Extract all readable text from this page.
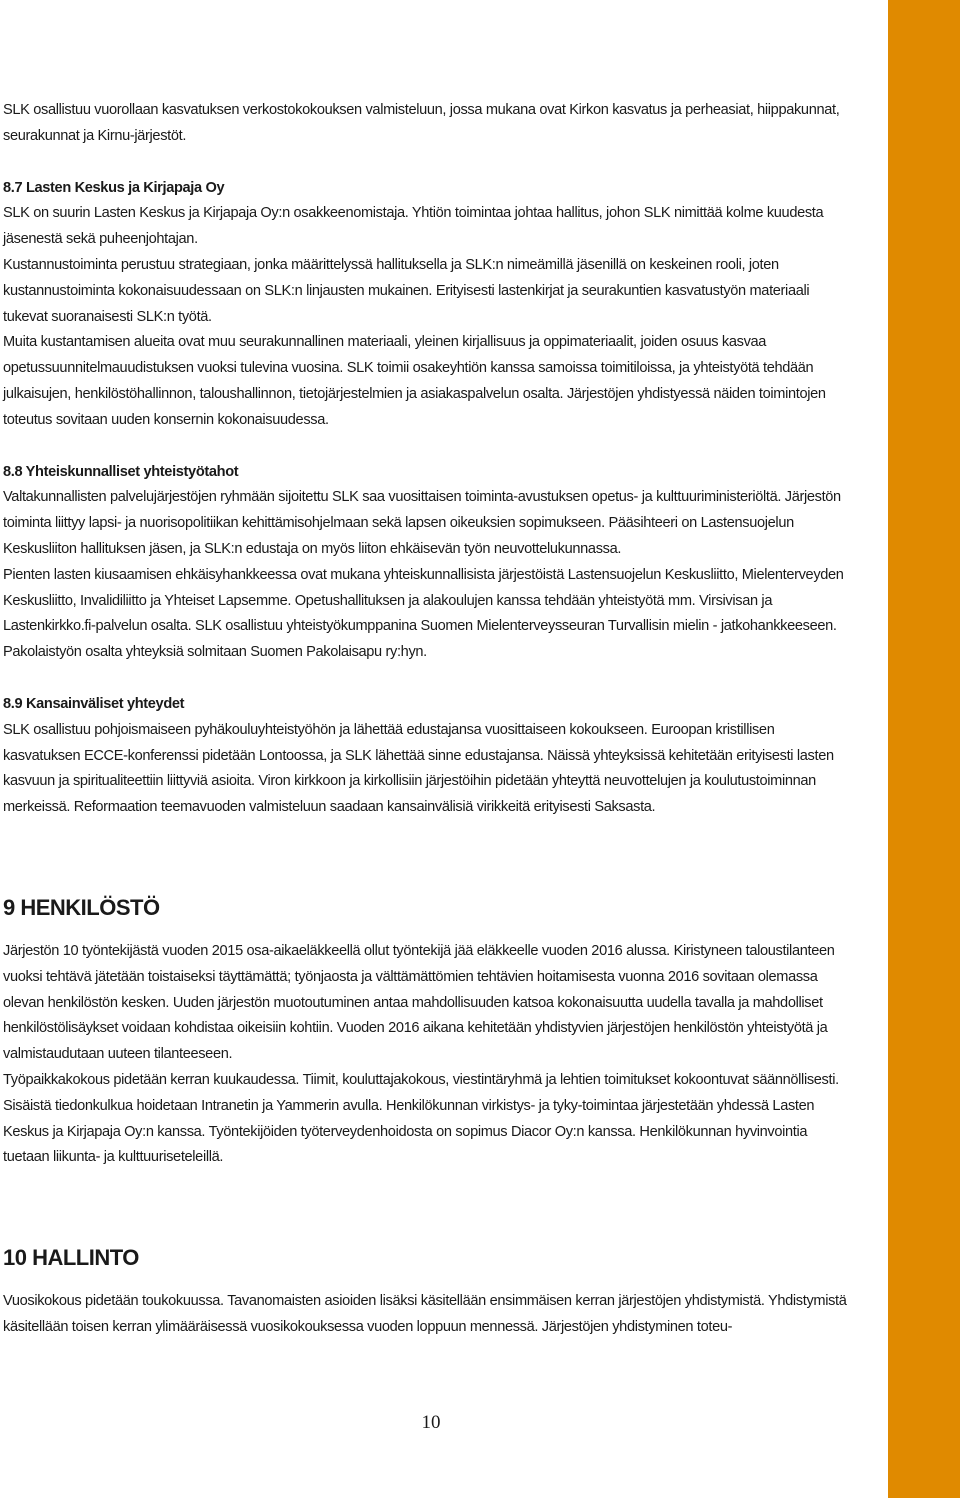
SLK osallistuu vuorollaan kasvatuksen verkostokokouksen valmisteluun, jossa mukana ovat Kirkon kasvatus ja perheasiat, hiippakunnat, seurakunnat ja Kirnu-järjestöt.

8.7 Lasten Keskus ja Kirjapaja Oy

SLK on suurin Lasten Keskus ja Kirjapaja Oy:n osakkeenomistaja. Yhtiön toimintaa johtaa hallitus, johon SLK nimittää kolme kuudesta jäsenestä sekä puheenjohtajan.

Kustannustoiminta perustuu strategiaan, jonka määrittelyssä hallituksella ja SLK:n nimeämillä jäsenillä on keskeinen rooli, joten kustannustoiminta kokonaisuudessaan on SLK:n linjausten mukainen. Erityisesti lastenkirjat ja seurakuntien kasvatustyön materiaali tukevat suoranaisesti SLK:n työtä.

Muita kustantamisen alueita ovat muu seurakunnallinen materiaali, yleinen kirjallisuus ja oppimateriaalit, joiden osuus kasvaa opetussuunnitelmauudistuksen vuoksi tulevina vuosina. SLK toimii osakeyhtiön kanssa samoissa toimitiloissa, ja yhteistyötä tehdään julkaisujen, henkilöstöhallinnon, taloushallinnon, tietojärjestelmien ja asiakaspalvelun osalta. Järjestöjen yhdistyessä näiden toimintojen toteutus sovitaan uuden konsernin kokonaisuudessa.

8.8 Yhteiskunnalliset yhteistyötahot

Valtakunnallisten palvelujärjestöjen ryhmään sijoitettu SLK saa vuosittaisen toiminta-avustuksen opetus- ja kulttuuriministeriöltä. Järjestön toiminta liittyy lapsi- ja nuorisopolitiikan kehittämisohjelmaan sekä lapsen oikeuksien sopimukseen. Pääsihteeri on Lastensuojelun Keskusliiton hallituksen jäsen, ja SLK:n edustaja on myös liiton ehkäisevän työn neuvottelukunnassa.

Pienten lasten kiusaamisen ehkäisyhankkeessa ovat mukana yhteiskunnallisista järjestöistä Lastensuojelun Keskusliitto, Mielenterveyden Keskusliitto, Invalidiliitto ja Yhteiset Lapsemme. Opetushallituksen ja alakoulujen kanssa tehdään yhteistyötä mm. Virsivisan ja Lastenkirkko.fi-palvelun osalta. SLK osallistuu yhteistyökumppanina Suomen Mielenterveysseuran Turvallisin mielin - jatkohankkeeseen. Pakolaistyön osalta yhteyksiä solmitaan Suomen Pakolaisapu ry:hyn.

8.9 Kansainväliset yhteydet

SLK osallistuu pohjoismaiseen pyhäkouluyhteistyöhön ja lähettää edustajansa vuosittaiseen kokoukseen. Euroopan kristillisen kasvatuksen ECCE-konferenssi pidetään Lontoossa, ja SLK lähettää sinne edustajansa. Näissä yhteyksissä kehitetään erityisesti lasten kasvuun ja spiritualiteettiin liittyviä asioita. Viron kirkkoon ja kirkollisiin järjestöihin pidetään yhteyttä neuvottelujen ja koulutustoiminnan merkeissä. Reformaation teemavuoden valmisteluun saadaan kansainvälisiä virikkeitä erityisesti Saksasta.

9 HENKILÖSTÖ

Järjestön 10 työntekijästä vuoden 2015 osa-aikaeläkkeellä ollut työntekijä jää eläkkeelle vuoden 2016 alussa. Kiristyneen taloustilanteen vuoksi tehtävä jätetään toistaiseksi täyttämättä; työnjaosta ja välttämättömien tehtävien hoitamisesta vuonna 2016 sovitaan olemassa olevan henkilöstön kesken. Uuden järjestön muotoutuminen antaa mahdollisuuden katsoa kokonaisuutta uudella tavalla ja mahdolliset henkilöstölisäykset voidaan kohdistaa oikeisiin kohtiin. Vuoden 2016 aikana kehitetään yhdistyvien järjestöjen henkilöstön yhteistyötä ja valmistaudutaan uuteen tilanteeseen.

Työpaikkakokous pidetään kerran kuukaudessa. Tiimit, kouluttajakokous, viestintäryhmä ja lehtien toimitukset kokoontuvat säännöllisesti. Sisäistä tiedonkulkua hoidetaan Intranetin ja Yammerin avulla. Henkilökunnan virkistys- ja tyky-toimintaa järjestetään yhdessä Lasten Keskus ja Kirjapaja Oy:n kanssa. Työntekijöiden työterveydenhoidosta on sopimus Diacor Oy:n kanssa. Henkilökunnan hyvinvointia tuetaan liikunta- ja kulttuuriseteleillä.

10 HALLINTO

Vuosikokous pidetään toukokuussa. Tavanomaisten asioiden lisäksi käsitellään ensimmäisen kerran järjestöjen yhdistymistä. Yhdistymistä käsitellään toisen kerran ylimääräisessä vuosikokouksessa vuoden loppuun mennessä. Järjestöjen yhdistyminen toteu-

10
